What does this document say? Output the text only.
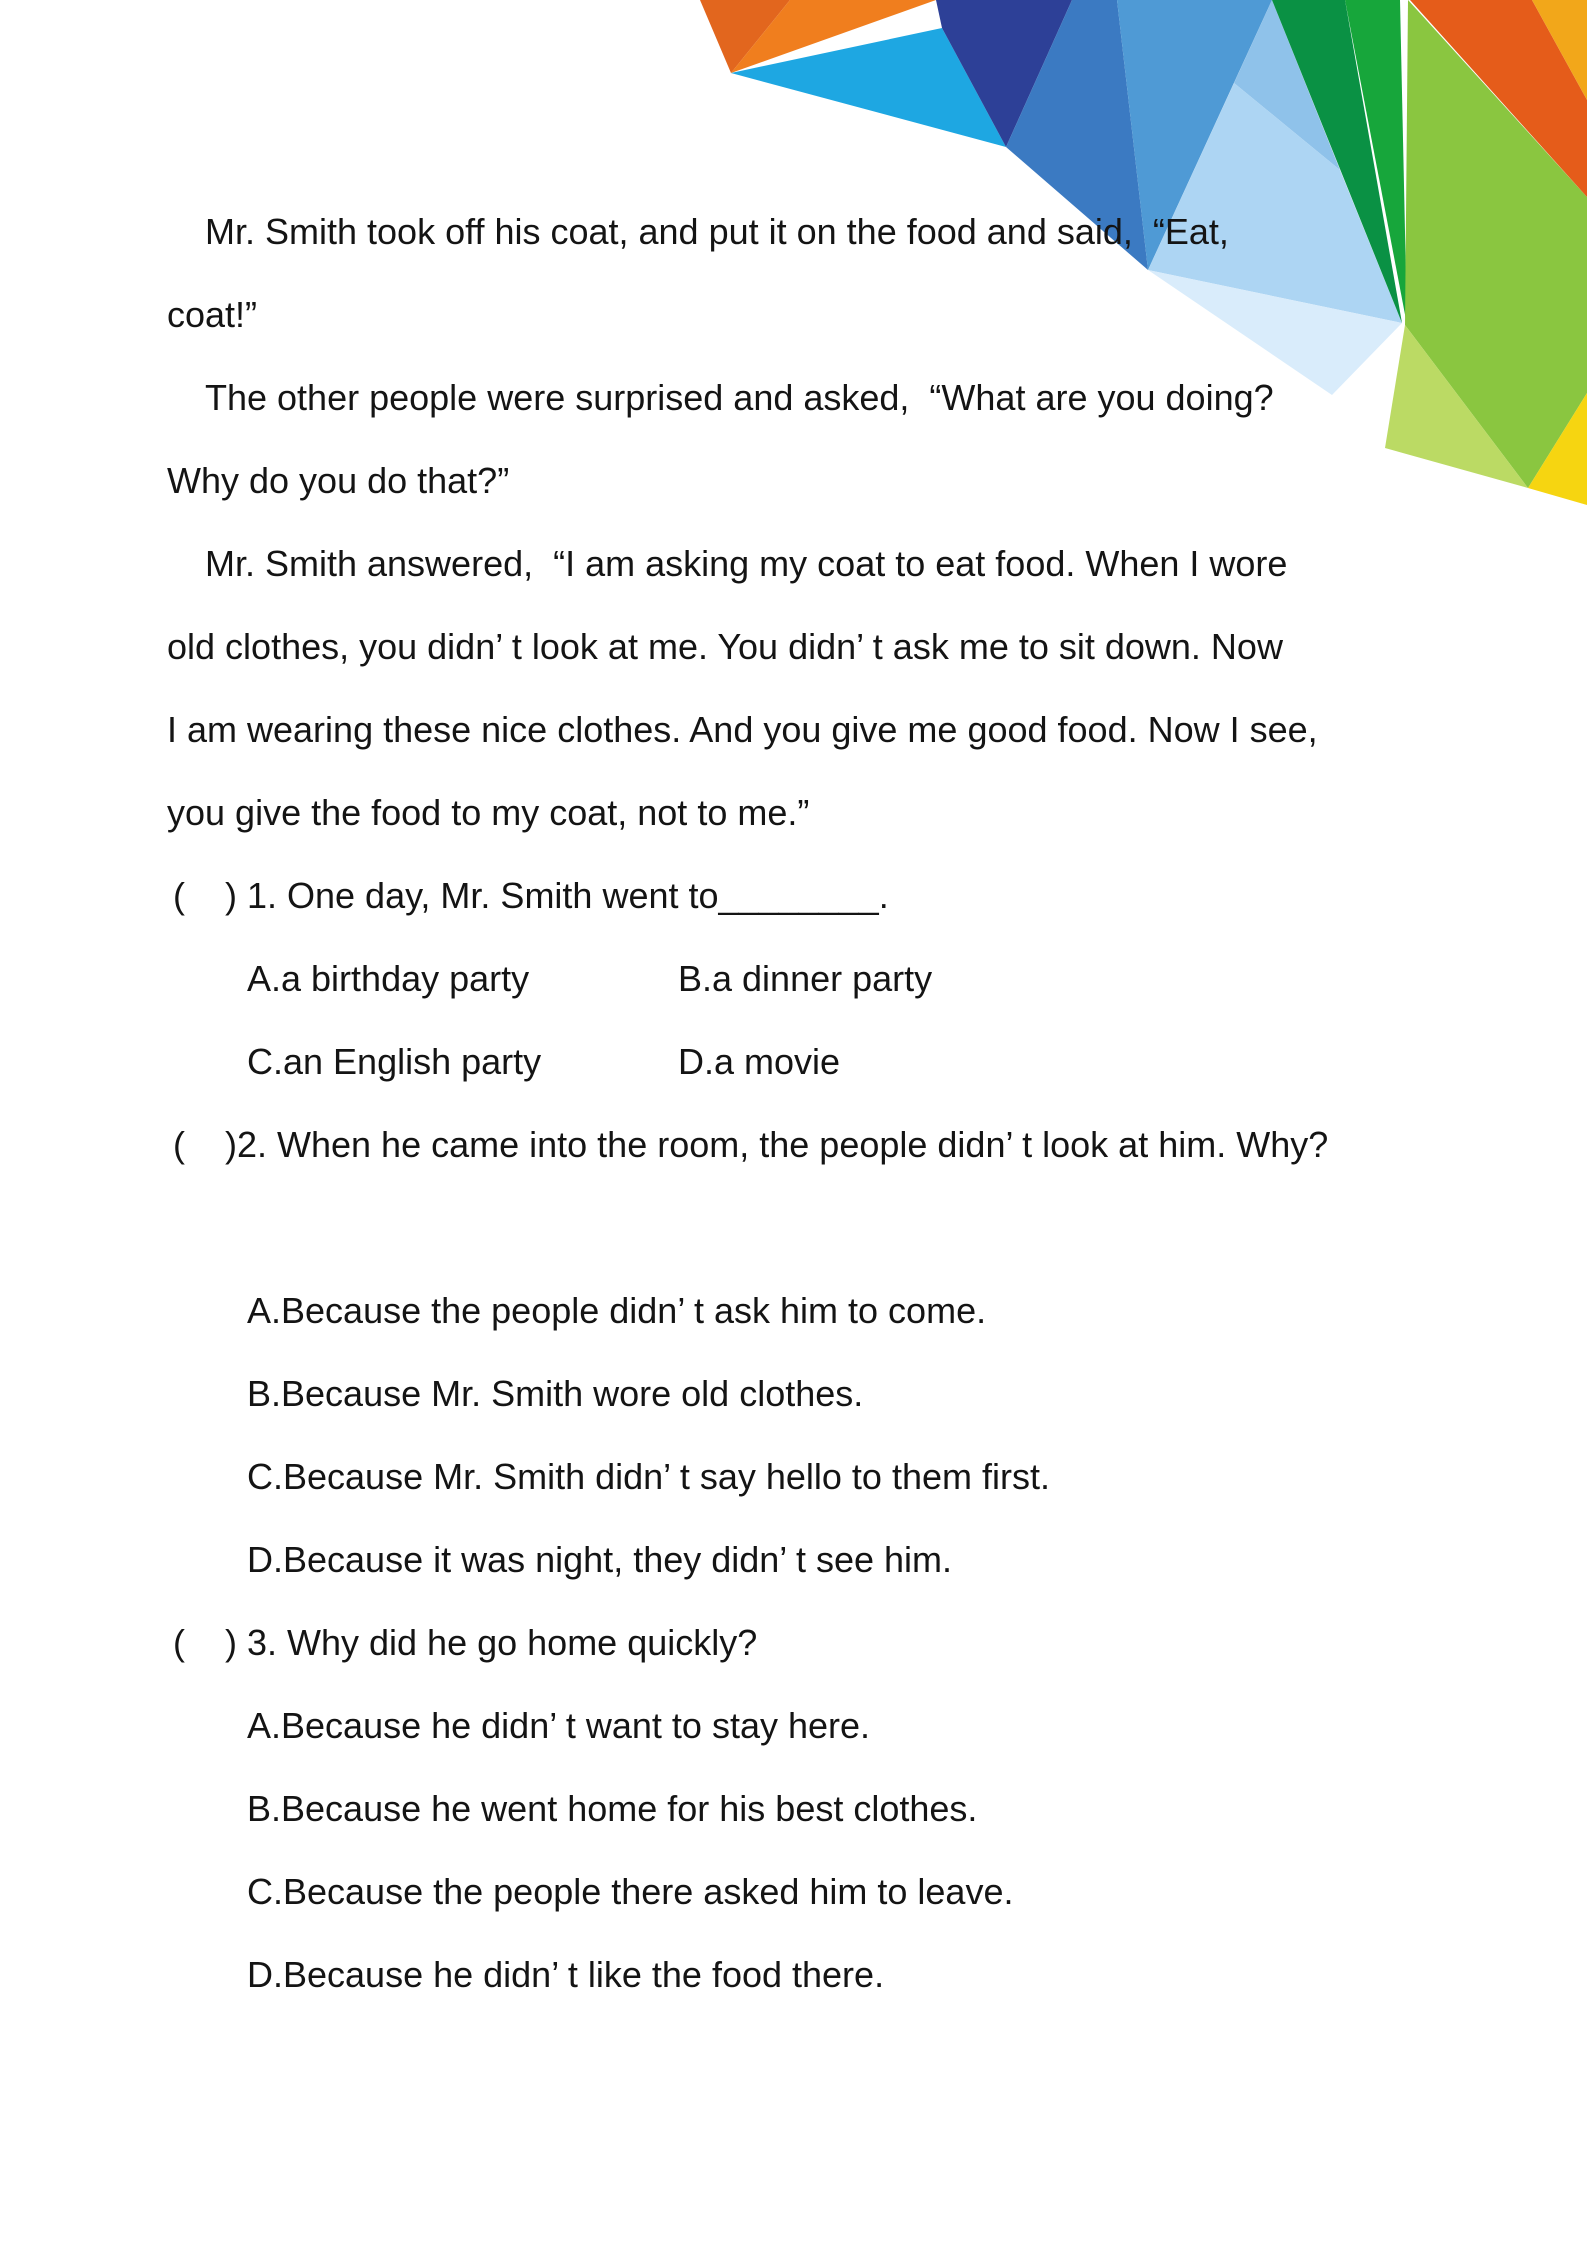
Mr. Smith took off his coat, and put it on the food and said,  “Eat,
coat!”
The other people were surprised and asked,  “What are you doing?
Why do you do that?”
Mr. Smith answered,  “I am asking my coat to eat food. When I wore
old clothes, you didn’ t look at me. You didn’ t ask me to sit down. Now
I am wearing these nice clothes. And you give me good food. Now I see,
you give the food to my coat, not to me.”
(    ) 1. One day, Mr. Smith went to________.
A.a birthday party	B.a dinner party
C.an English party	D.a movie
(    )2. When he came into the room, the people didn’ t look at him. Why?
A.Because the people didn’ t ask him to come.
B.Because Mr. Smith wore old clothes.
C.Because Mr. Smith didn’ t say hello to them first.
D.Because it was night, they didn’ t see him.
(    ) 3. Why did he go home quickly?
A.Because he didn’ t want to stay here.
B.Because he went home for his best clothes.
C.Because the people there asked him to leave.
D.Because he didn’ t like the food there.
